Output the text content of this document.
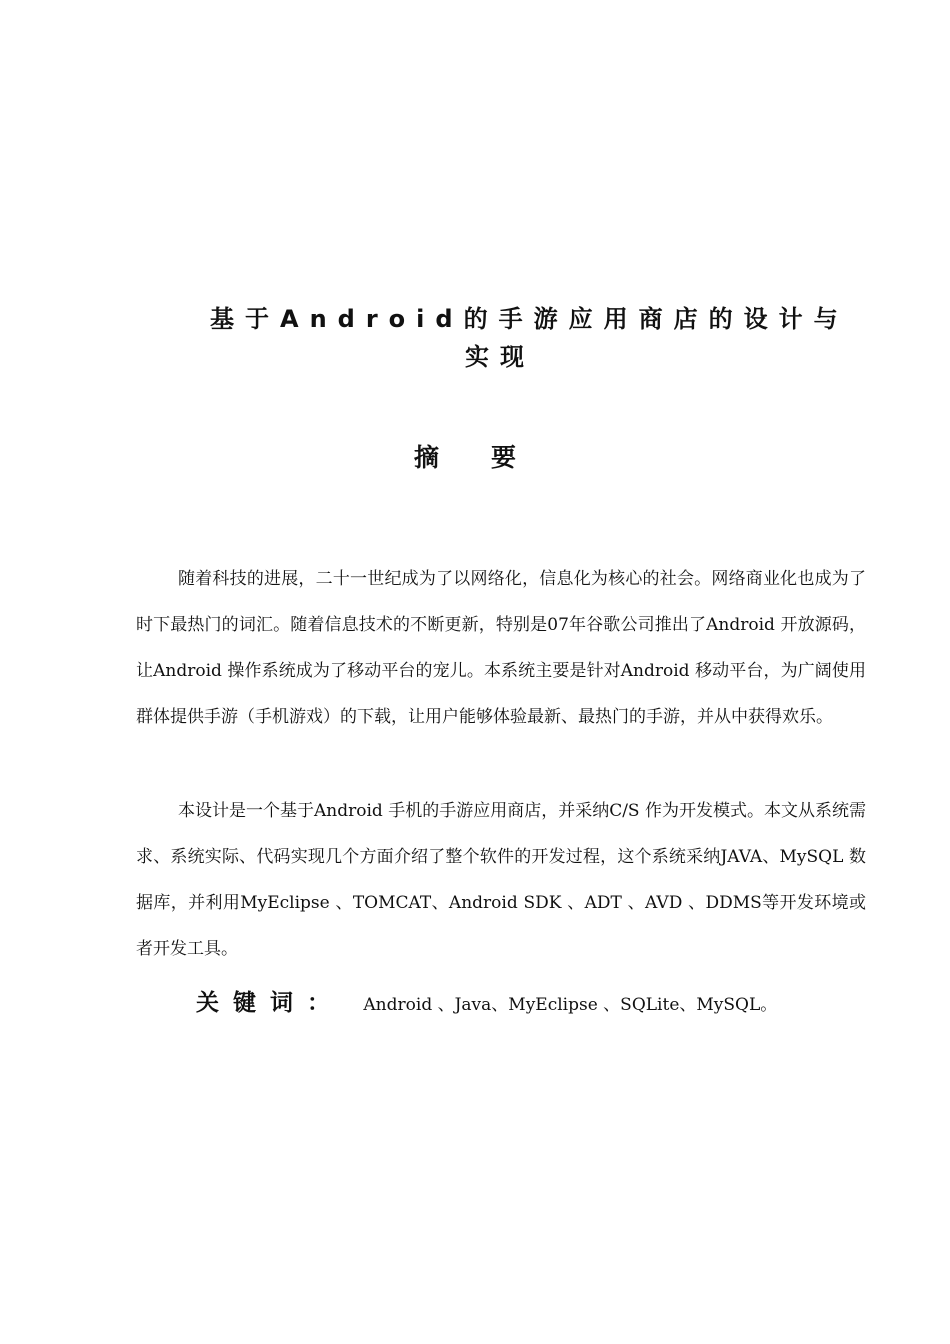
基于Android的手游应用商店的设计与
实现
摘要

随着科技的进展，二十一世纪成为了以网络化，信息化为核心的社会。网络商业化也成为了时下最热门的词汇。随着信息技术的不断更新，特别是07年谷歌公司推出了Android 开放源码，让Android 操作系统成为了移动平台的宠儿。本系统主要是针对Android 移动平台，为广阔使用群体提供手游（手机游戏）的下载，让用户能够体验最新、最热门的手游，并从中获得欢乐。

本设计是一个基于Android 手机的手游应用商店，并采纳C/S 作为开发模式。本文从系统需求、系统实际、代码实现几个方面介绍了整个软件的开发过程，这个系统采纳JAVA、MySQL 数据库，并利用MyEclipse 、TOMCAT、Android SDK 、ADT 、AVD 、DDMS等开发环境或者开发工具。

关键词： Android 、Java、MyEclipse 、SQLite、MySQL。
